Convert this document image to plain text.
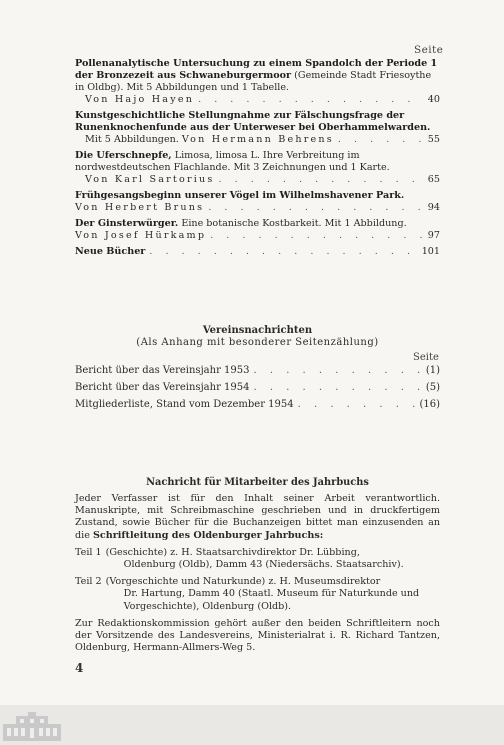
Seite
Pollenanalytische Untersuchung zu einem Spandolch der Periode 1 der Bronzezeit aus Schwaneburgermoor (Gemeinde Stadt Friesoythe in Oldbg). Mit 5 Abbildungen und 1 Tabelle.
Von Hajo Hayen . . .	40
Kunstgeschichtliche Stellungnahme zur Fälschungsfrage der Runenknochenfunde aus der Unterweser bei Oberhammelwarden.
Mit 5 Abbildungen.
Von Hermann Behrens . . .	55
Die Uferschnepfe, Limosa, limosa L. Ihre Verbreitung im nordwestdeutschen Flachlande. Mit 3 Zeichnungen und 1 Karte.
Von Karl Sartorius . . .	65
Frühgesangsbeginn unserer Vögel im Wilhelmshavener Park.
Von Herbert Bruns . . .	94
Der Ginsterwürger. Eine botanische Kostbarkeit. Mit 1 Abbildung.
Von Josef Hürkamp . . .	97
Neue Bücher . . .	101
Vereinsnachrichten
(Als Anhang mit besonderer Seitenzählung)
Seite
Bericht über das Vereinsjahr 1953 . . .	(1)
Bericht über das Vereinsjahr 1954 . . .	(5)
Mitgliederliste, Stand vom Dezember 1954 . . .	(16)
Nachricht für Mitarbeiter des Jahrbuchs

Jeder Verfasser ist für den Inhalt seiner Arbeit verantwortlich. Manuskripte, mit Schreibmaschine geschrieben und in druckfertigem Zustand, sowie Bücher für die Buchanzeigen bittet man einzusenden an die Schriftleitung des Oldenburger Jahrbuchs:

Teil 1 (Geschichte) z. H. Staatsarchivdirektor Dr. Lübbing,
Oldenburg (Oldb), Damm 43 (Niedersächs. Staatsarchiv).
Teil 2 (Vorgeschichte und Naturkunde) z. H. Museumsdirektor
Dr. Hartung, Damm 40 (Staatl. Museum für Naturkunde und Vorgeschichte), Oldenburg (Oldb).

Zur Redaktionskommission gehört außer den beiden Schriftleitern noch der Vorsitzende des Landesvereins, Ministerialrat i. R. Richard Tantzen, Oldenburg, Hermann-Allmers-Weg 5.

4
